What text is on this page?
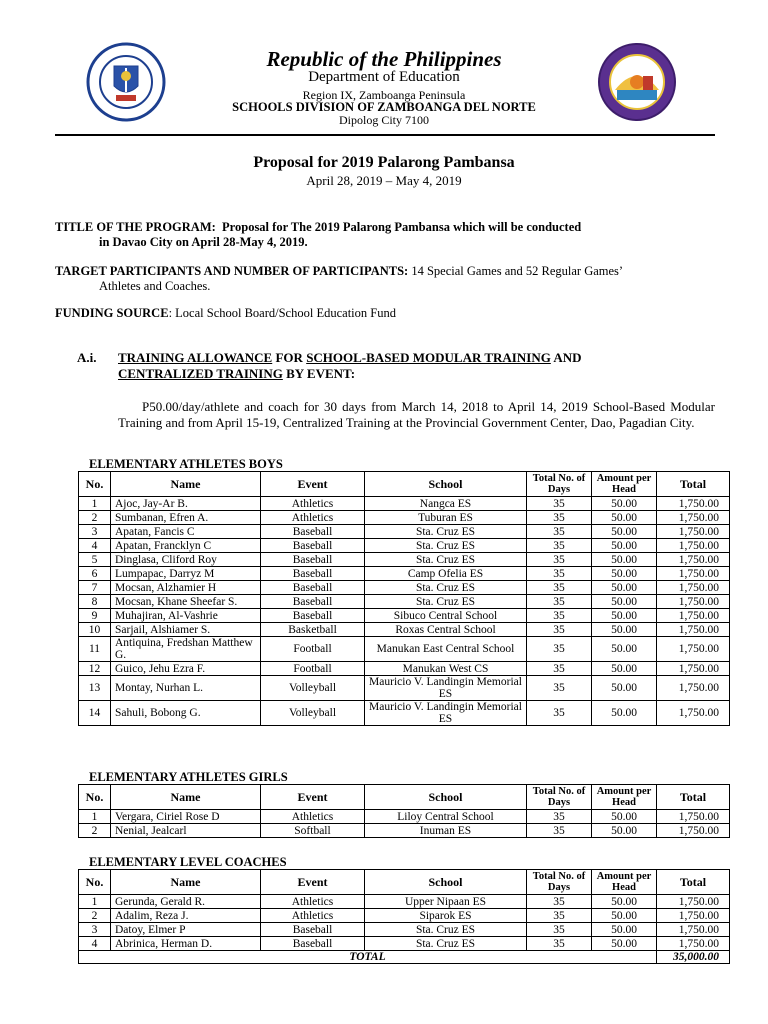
Republic of the Philippines
Department of Education
Region IX, Zamboanga Peninsula
SCHOOLS DIVISION OF ZAMBOANGA DEL NORTE
Dipolog City 7100
Proposal for 2019 Palarong Pambansa
April 28, 2019 – May 4, 2019
TITLE OF THE PROGRAM: Proposal for The 2019 Palarong Pambansa which will be conducted
in Davao City on April 28-May 4, 2019.
TARGET PARTICIPANTS AND NUMBER OF PARTICIPANTS: 14 Special Games and 52 Regular Games’
Athletes and Coaches.
FUNDING SOURCE: Local School Board/School Education Fund
A.i. TRAINING ALLOWANCE FOR SCHOOL-BASED MODULAR TRAINING AND
CENTRALIZED TRAINING BY EVENT:
P50.00/day/athlete and coach for 30 days from March 14, 2018 to April 14, 2019 School-Based Modular Training and from April 15-19, Centralized Training at the Provincial Government Center, Dao, Pagadian City.
ELEMENTARY ATHLETES BOYS
No.	Name	Event	School	Total No. of Days	Amount per Head	Total
1	Ajoc, Jay-Ar B.	Athletics	Nangca ES	35	50.00	1,750.00
2	Sumbanan, Efren A.	Athletics	Tuburan ES	35	50.00	1,750.00
3	Apatan, Fancis C	Baseball	Sta. Cruz ES	35	50.00	1,750.00
4	Apatan, Francklyn C	Baseball	Sta. Cruz ES	35	50.00	1,750.00
5	Dinglasa, Cliford Roy	Baseball	Sta. Cruz ES	35	50.00	1,750.00
6	Lumpapac, Darryz M	Baseball	Camp Ofelia ES	35	50.00	1,750.00
7	Mocsan, Alzhamier H	Baseball	Sta. Cruz ES	35	50.00	1,750.00
8	Mocsan, Khane Sheefar S.	Baseball	Sta. Cruz ES	35	50.00	1,750.00
9	Muhajiran, Al-Vashrie	Baseball	Sibuco Central School	35	50.00	1,750.00
10	Sarjail, Alshiamer S.	Basketball	Roxas Central School	35	50.00	1,750.00
11	Antiquina, Fredshan Matthew G.	Football	Manukan East Central School	35	50.00	1,750.00
12	Guico, Jehu Ezra F.	Football	Manukan West CS	35	50.00	1,750.00
13	Montay, Nurhan L.	Volleyball	Mauricio V. Landingin Memorial ES	35	50.00	1,750.00
14	Sahuli, Bobong G.	Volleyball	Mauricio V. Landingin Memorial ES	35	50.00	1,750.00
ELEMENTARY ATHLETES GIRLS
No.	Name	Event	School	Total No. of Days	Amount per Head	Total
1	Vergara, Ciriel Rose D	Athletics	Liloy Central School	35	50.00	1,750.00
2	Nenial, Jealcarl	Softball	Inuman ES	35	50.00	1,750.00
ELEMENTARY LEVEL COACHES
No.	Name	Event	School	Total No. of Days	Amount per Head	Total
1	Gerunda, Gerald R.	Athletics	Upper Nipaan ES	35	50.00	1,750.00
2	Adalim, Reza J.	Athletics	Siparok ES	35	50.00	1,750.00
3	Datoy, Elmer P	Baseball	Sta. Cruz ES	35	50.00	1,750.00
4	Abrinica, Herman D.	Baseball	Sta. Cruz ES	35	50.00	1,750.00
TOTAL						35,000.00
